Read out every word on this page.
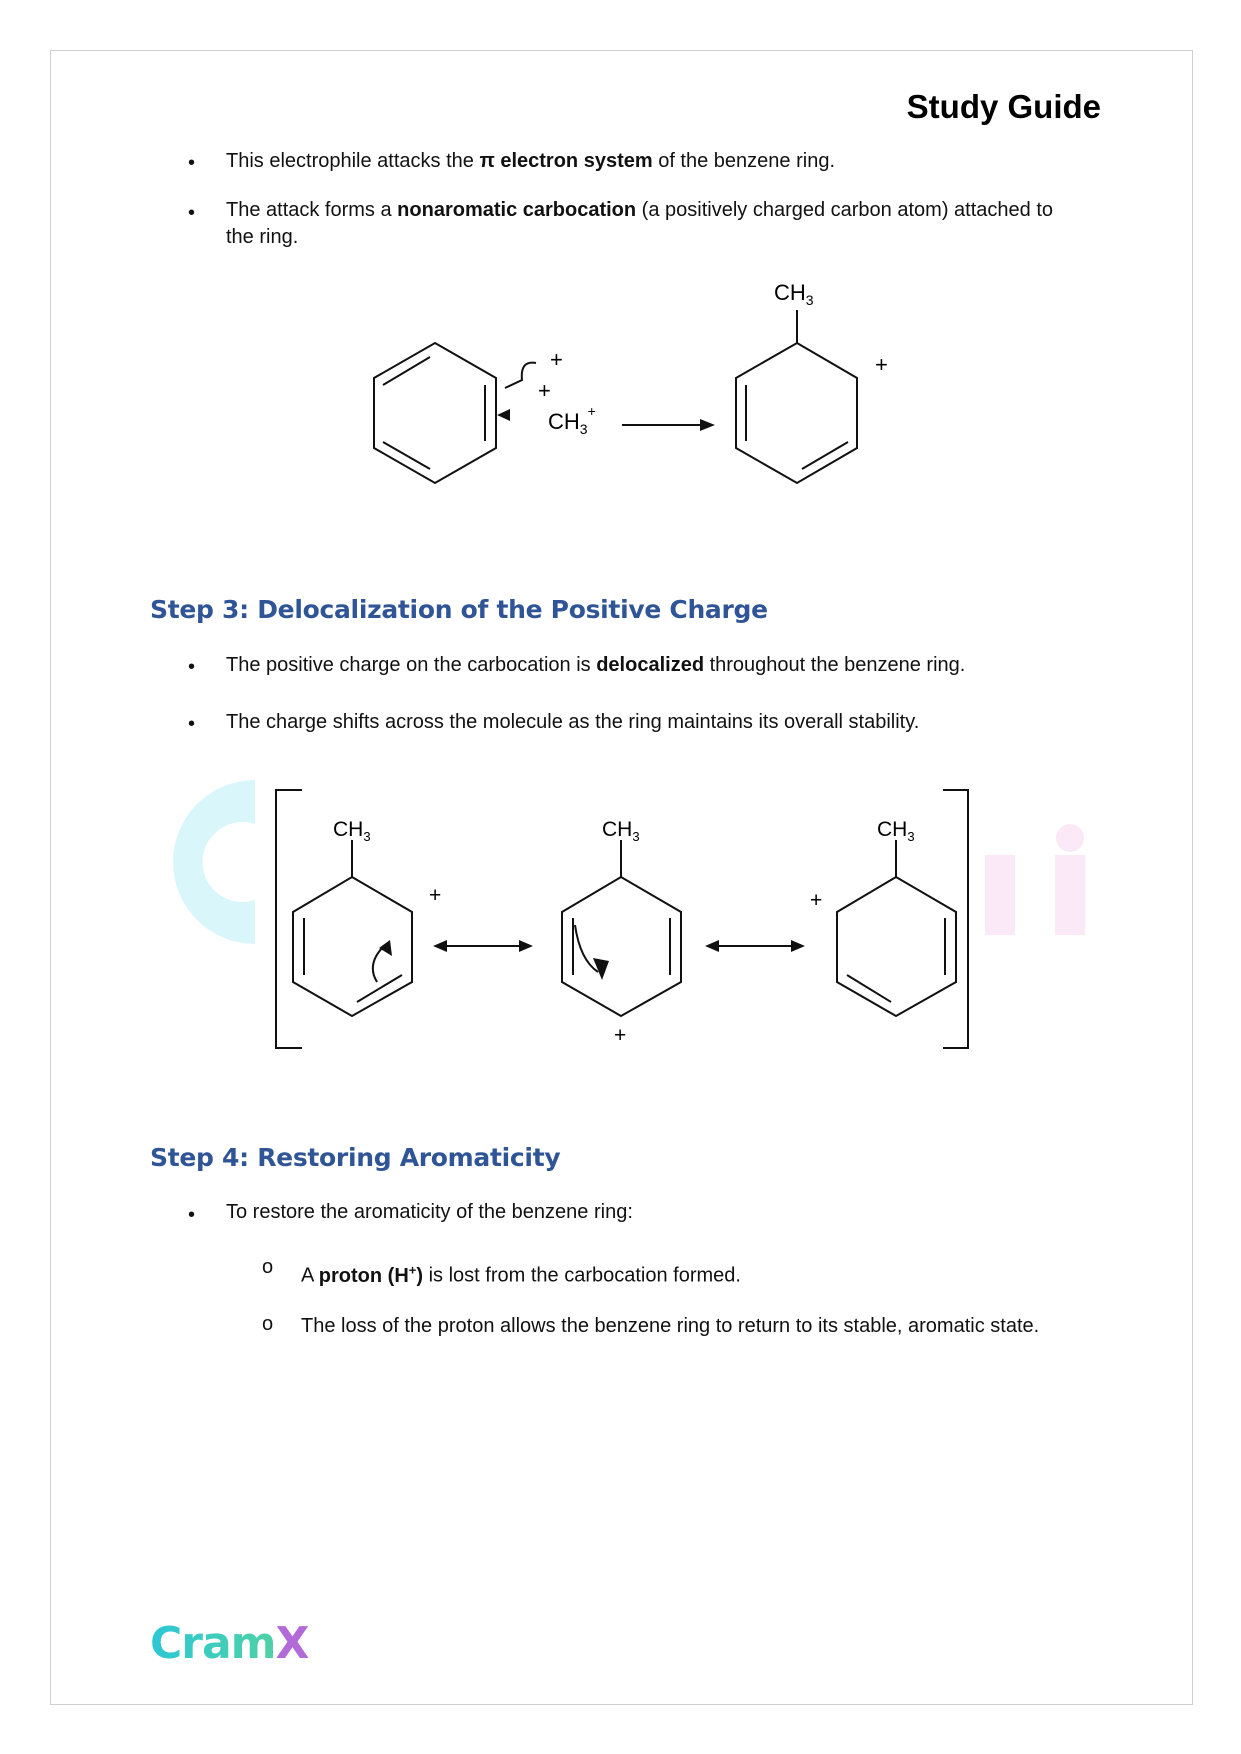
Study Guide
• This electrophile attacks the π electron system of the benzene ring.
• The attack forms a nonaromatic carbocation (a positively charged carbon atom) attached to
the ring.
+
+
$CH_3^+$
$CH_3$
+
Step 3: Delocalization of the Positive Charge
• The positive charge on the carbocation is delocalized throughout the benzene ring.
• The charge shifts across the molecule as the ring maintains its overall stability.
$CH_3$	$CH_3$	$CH_3$
+
+
+
Step 4: Restoring Aromaticity
• To restore the aromaticity of the benzene ring:
o A proton (H+) is lost from the carbocation formed.
o The loss of the proton allows the benzene ring to return to its stable, aromatic state.
CramX
